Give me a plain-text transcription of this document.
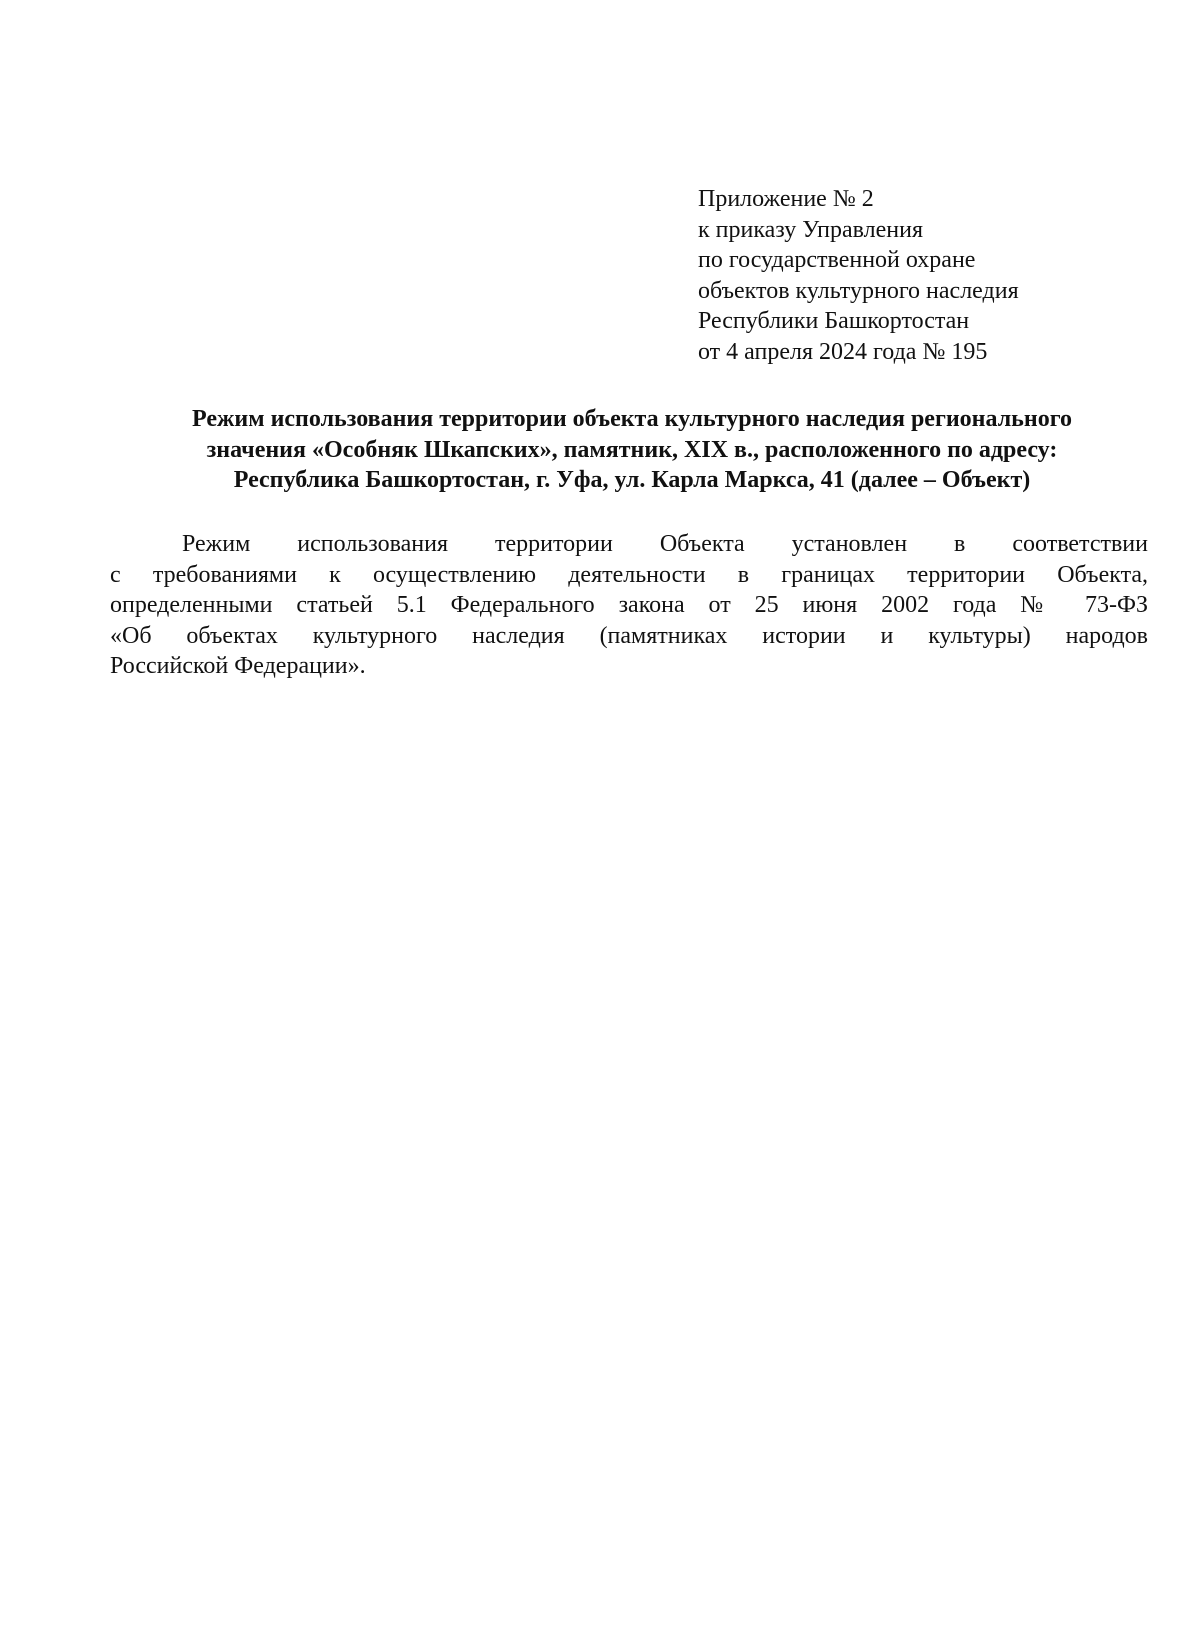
Приложение № 2
к приказу Управления
по государственной охране
объектов культурного наследия
Республики Башкортостан
от 4 апреля 2024 года № 195
Режим использования территории объекта культурного наследия регионального
значения «Особняк Шкапских», памятник, XIX в., расположенного по адресу:
Республика Башкортостан, г. Уфа, ул. Карла Маркса, 41 (далее – Объект)
Режим использования территории Объекта установлен в соответствии
с требованиями к осуществлению деятельности в границах территории Объекта,
определенными статьей 5.1 Федерального закона от 25 июня 2002 года № 73-ФЗ
«Об объектах культурного наследия (памятниках истории и культуры) народов
Российской Федерации».
